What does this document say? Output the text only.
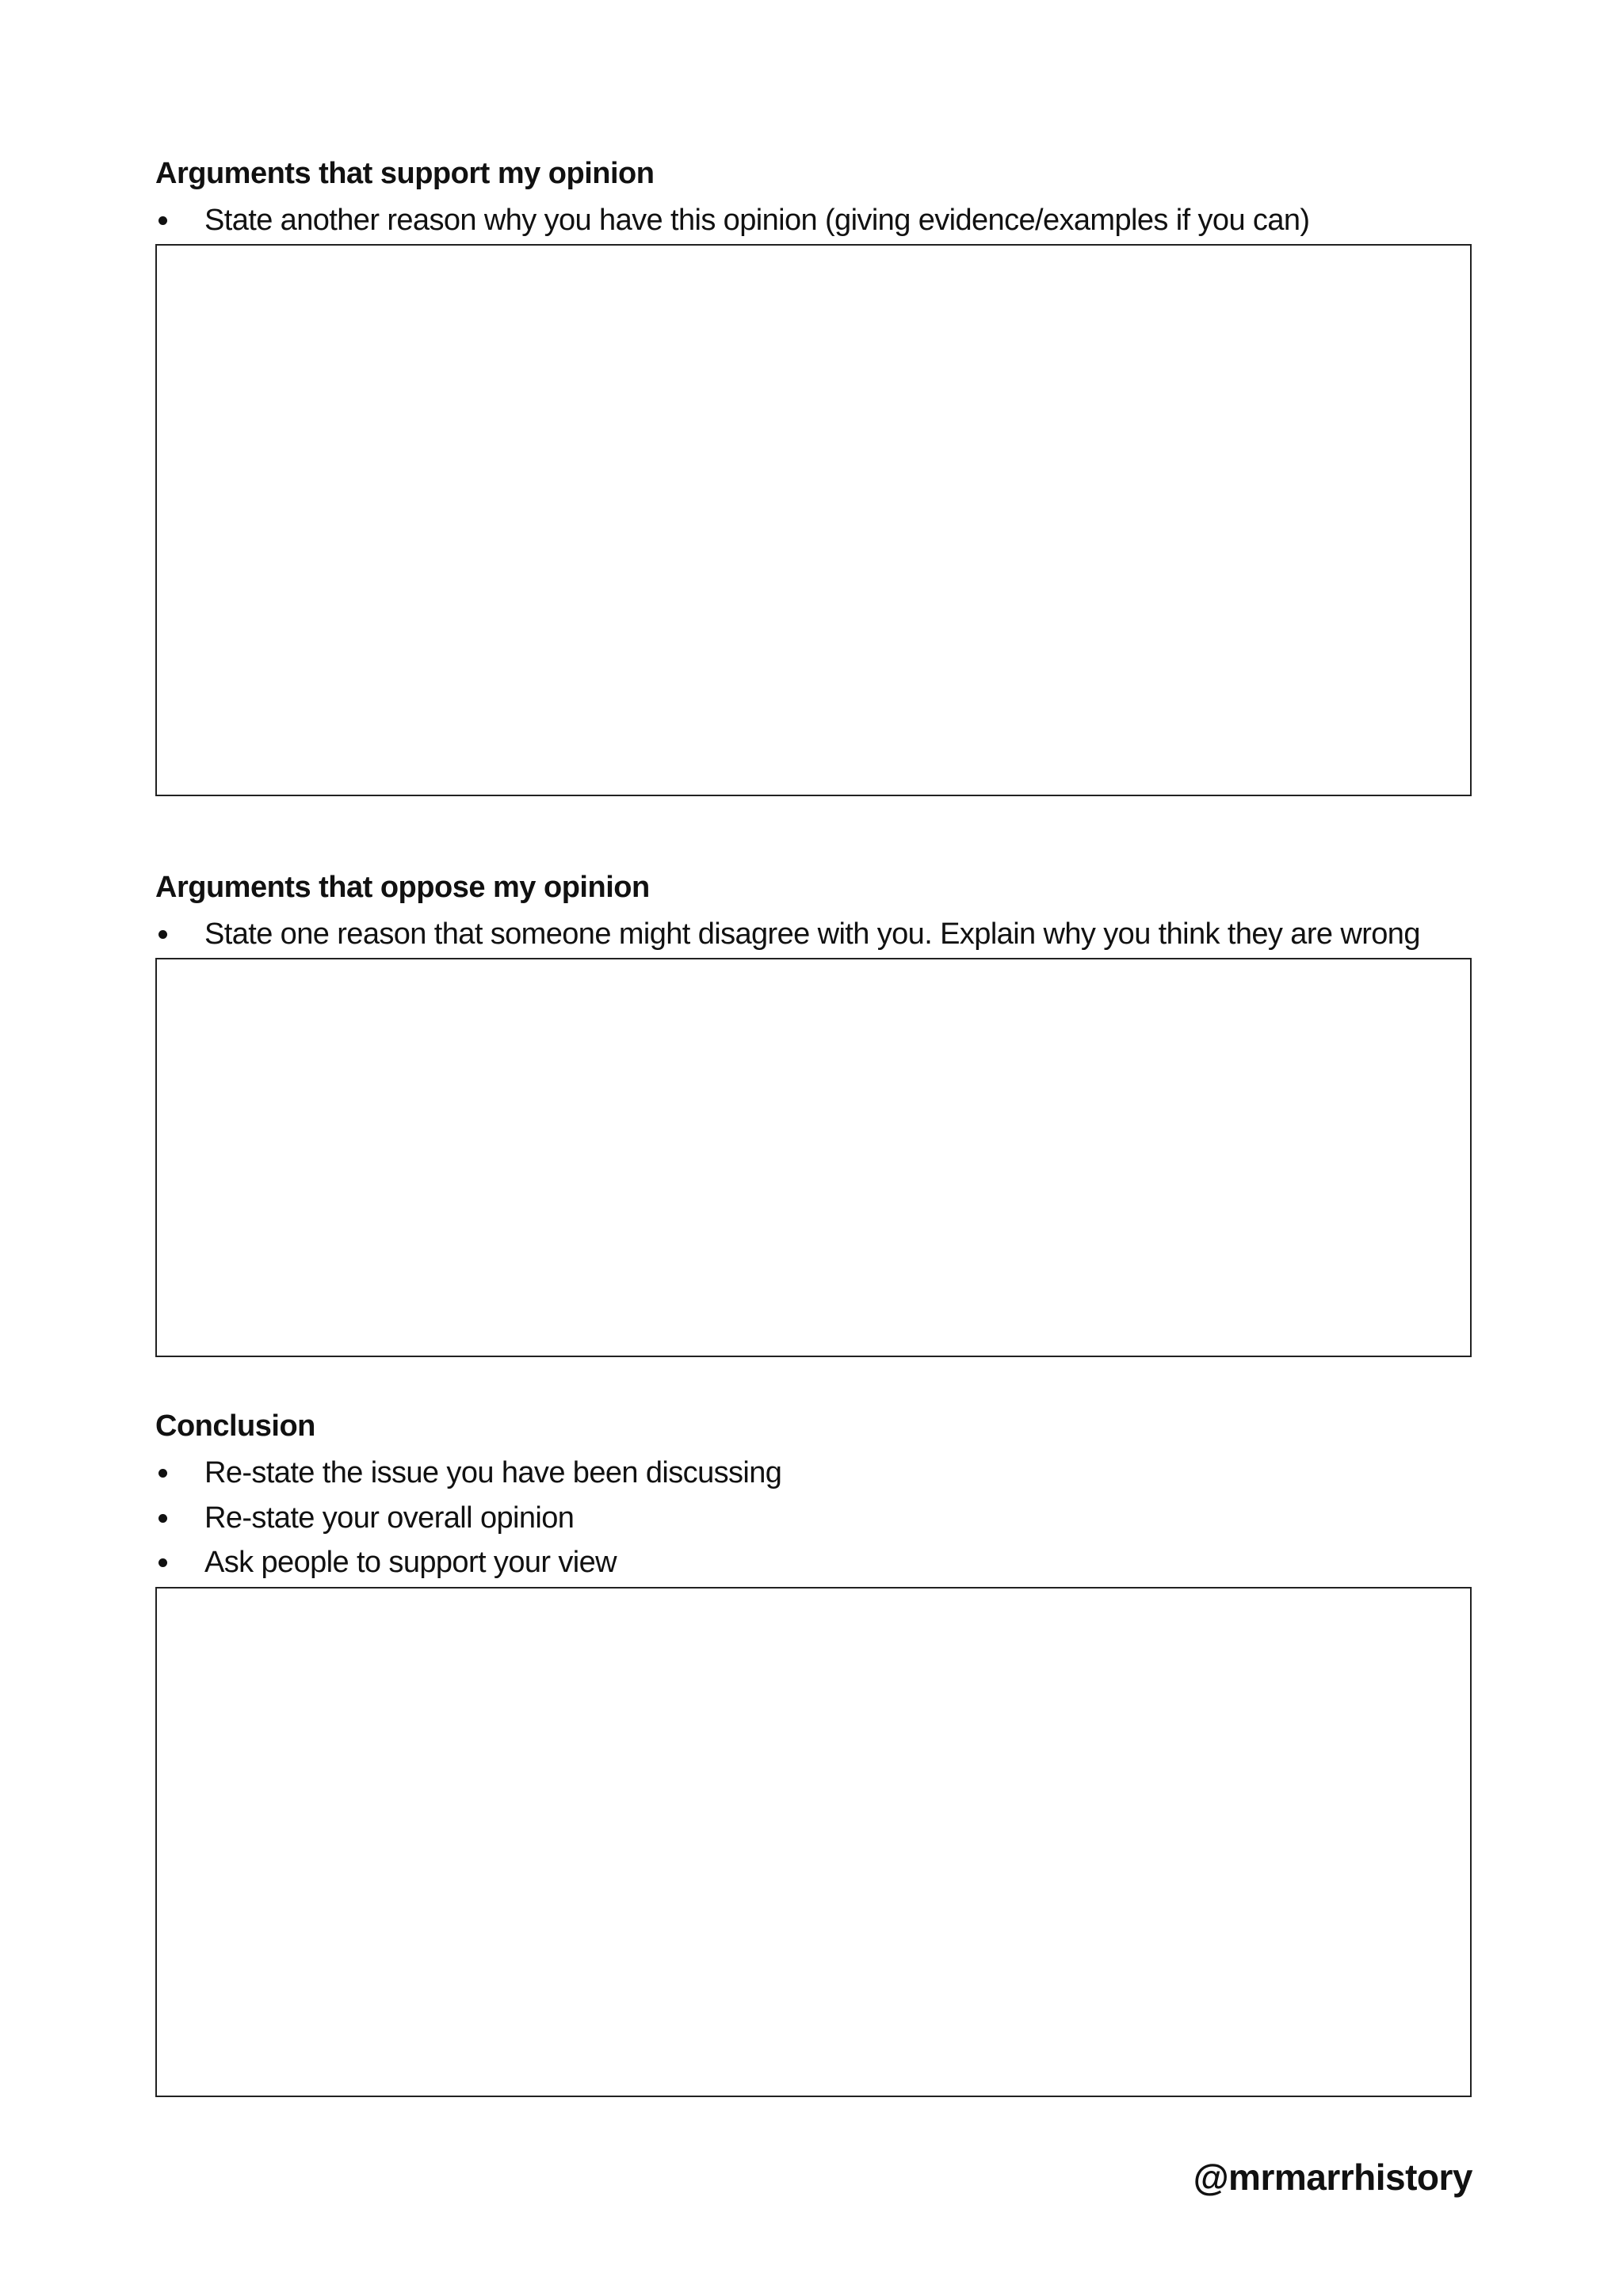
Arguments that support my opinion
State another reason why you have this opinion (giving evidence/examples if you can)
Arguments that oppose my opinion
State one reason that someone might disagree with you. Explain why you think they are wrong
Conclusion
Re-state the issue you have been discussing
Re-state your overall opinion
Ask people to support your view
@mrmarrhistory
